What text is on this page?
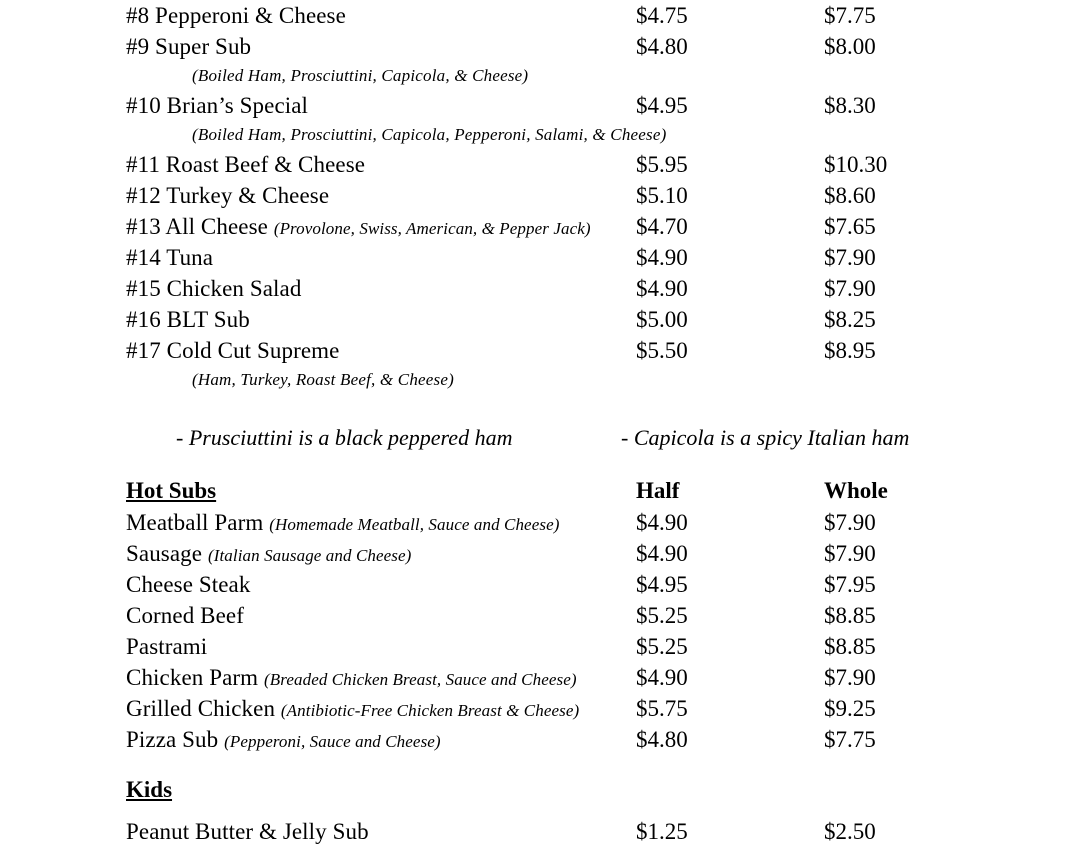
#8 Pepperoni & Cheese	$4.75	$7.75
#9 Super Sub	$4.80	$8.00
(Boiled Ham, Prosciuttini, Capicola, & Cheese)
#10 Brian’s Special	$4.95	$8.30
(Boiled Ham, Prosciuttini, Capicola, Pepperoni, Salami, & Cheese)
#11 Roast Beef & Cheese	$5.95	$10.30
#12 Turkey & Cheese	$5.10	$8.60
#13 All Cheese (Provolone, Swiss, American, & Pepper Jack) $4.70	$7.65
#14 Tuna	$4.90	$7.90
#15 Chicken Salad	$4.90	$7.90
#16 BLT Sub	$5.00	$8.25
#17 Cold Cut Supreme	$5.50	$8.95
(Ham, Turkey, Roast Beef, & Cheese)
- Prusciuttini is a black peppered ham	- Capicola is a spicy Italian ham
Hot Subs	Half	Whole
Meatball Parm (Homemade Meatball, Sauce and Cheese)	$4.90	$7.90
Sausage (Italian Sausage and Cheese)	$4.90	$7.90
Cheese Steak	$4.95	$7.95
Corned Beef	$5.25	$8.85
Pastrami	$5.25	$8.85
Chicken Parm (Breaded Chicken Breast, Sauce and Cheese)	$4.90	$7.90
Grilled Chicken (Antibiotic-Free Chicken Breast & Cheese) $5.75	$9.25
Pizza Sub (Pepperoni, Sauce and Cheese)	$4.80	$7.75
Kids
Peanut Butter & Jelly Sub	$1.25	$2.50
